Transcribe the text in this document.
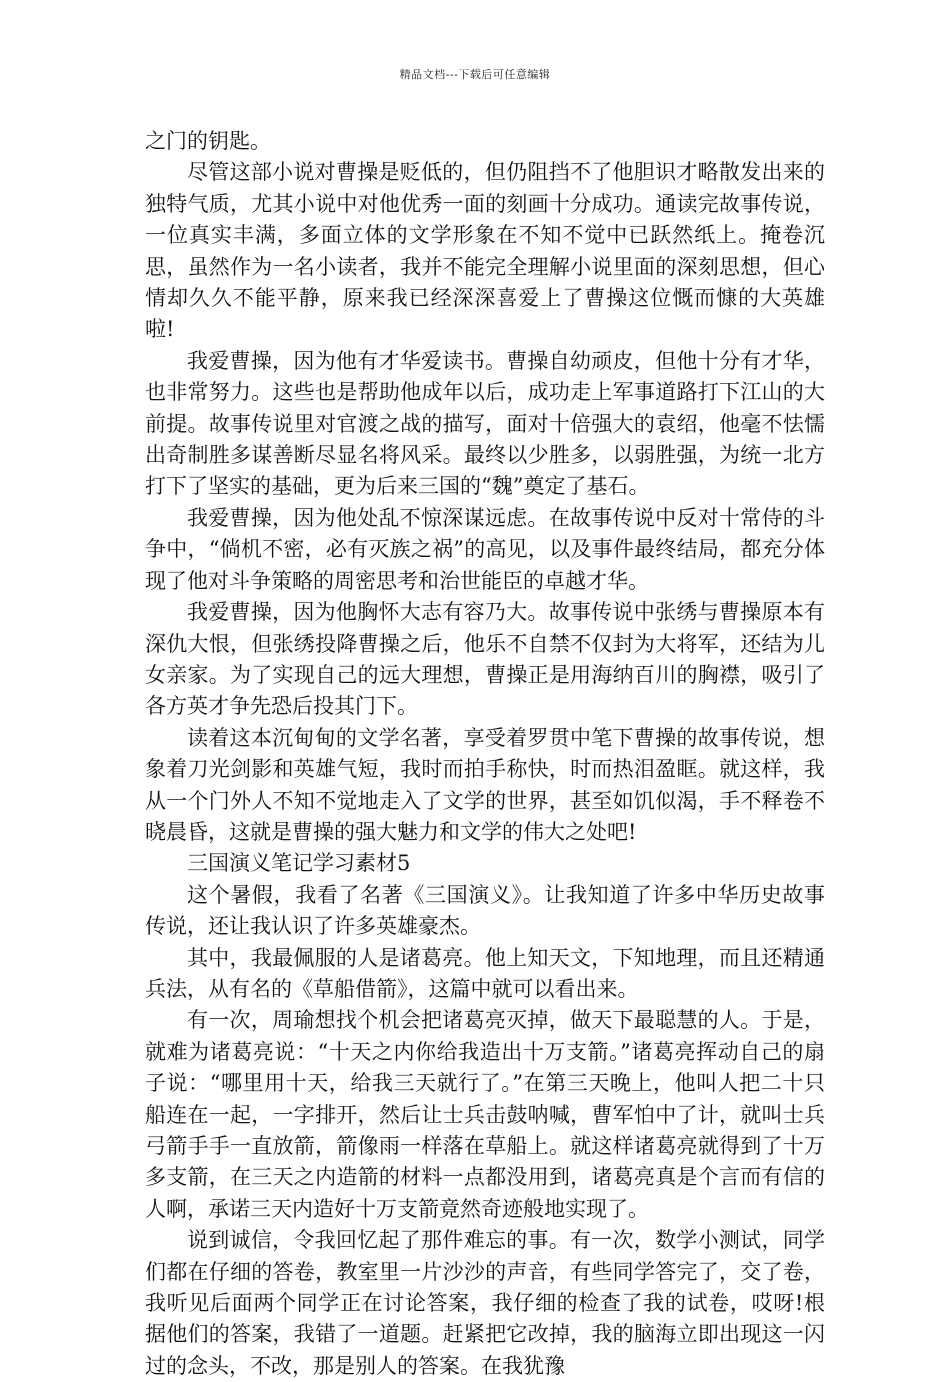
精品文档---下载后可任意编辑

之门的钥匙。

尽管这部小说对曹操是贬低的，但仍阻挡不了他胆识才略散发出来的独特气质，尤其小说中对他优秀一面的刻画十分成功。通读完故事传说，一位真实丰满，多面立体的文学形象在不知不觉中已跃然纸上。掩卷沉思，虽然作为一名小读者，我并不能完全理解小说里面的深刻思想，但心情却久久不能平静，原来我已经深深喜爱上了曹操这位慨而慷的大英雄啦!

我爱曹操，因为他有才华爱读书。曹操自幼顽皮，但他十分有才华，也非常努力。这些也是帮助他成年以后，成功走上军事道路打下江山的大前提。故事传说里对官渡之战的描写，面对十倍强大的袁绍，他毫不怯懦出奇制胜多谋善断尽显名将风采。最终以少胜多，以弱胜强，为统一北方打下了坚实的基础，更为后来三国的“魏”奠定了基石。

我爱曹操，因为他处乱不惊深谋远虑。在故事传说中反对十常侍的斗争中，“倘机不密，必有灭族之祸”的高见，以及事件最终结局，都充分体现了他对斗争策略的周密思考和治世能臣的卓越才华。

我爱曹操，因为他胸怀大志有容乃大。故事传说中张绣与曹操原本有深仇大恨，但张绣投降曹操之后，他乐不自禁不仅封为大将军，还结为儿女亲家。为了实现自己的远大理想，曹操正是用海纳百川的胸襟，吸引了各方英才争先恐后投其门下。

读着这本沉甸甸的文学名著，享受着罗贯中笔下曹操的故事传说，想象着刀光剑影和英雄气短，我时而拍手称快，时而热泪盈眶。就这样，我从一个门外人不知不觉地走入了文学的世界，甚至如饥似渴，手不释卷不晓晨昏，这就是曹操的强大魅力和文学的伟大之处吧!

三国演义笔记学习素材5

这个暑假，我看了名著《三国演义》。让我知道了许多中华历史故事传说，还让我认识了许多英雄豪杰。

其中，我最佩服的人是诸葛亮。他上知天文，下知地理，而且还精通兵法，从有名的《草船借箭》，这篇中就可以看出来。

有一次，周瑜想找个机会把诸葛亮灭掉，做天下最聪慧的人。于是，就难为诸葛亮说：“十天之内你给我造出十万支箭。”诸葛亮挥动自己的扇子说：“哪里用十天，给我三天就行了。”在第三天晚上，他叫人把二十只船连在一起，一字排开，然后让士兵击鼓呐喊，曹军怕中了计，就叫士兵弓箭手手一直放箭，箭像雨一样落在草船上。就这样诸葛亮就得到了十万多支箭，在三天之内造箭的材料一点都没用到，诸葛亮真是个言而有信的人啊，承诺三天内造好十万支箭竟然奇迹般地实现了。

说到诚信，令我回忆起了那件难忘的事。有一次，数学小测试，同学们都在仔细的答卷，教室里一片沙沙的声音，有些同学答完了，交了卷，我听见后面两个同学正在讨论答案，我仔细的检查了我的试卷，哎呀!根据他们的答案，我错了一道题。赶紧把它改掉，我的脑海立即出现这一闪过的念头，不改，那是别人的答案。在我犹豫
